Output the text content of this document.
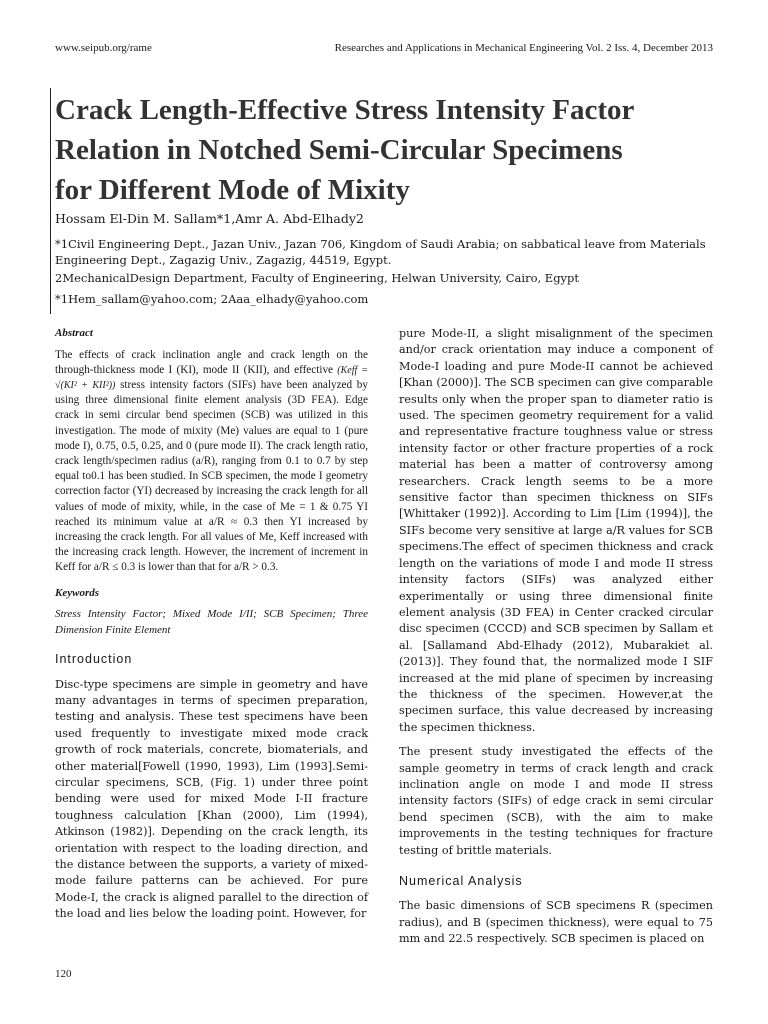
www.seipub.org/rame	Researches and Applications in Mechanical Engineering Vol. 2 Iss. 4, December 2013
Crack Length-Effective Stress Intensity Factor
Relation in Notched Semi-Circular Specimens
for Different Mode of Mixity
Hossam El-Din M. Sallam*1,Amr A. Abd-Elhady2
*1Civil Engineering Dept., Jazan Univ., Jazan 706, Kingdom of Saudi Arabia; on sabbatical leave from Materials Engineering Dept., Zagazig Univ., Zagazig, 44519, Egypt.
2MechanicalDesign Department, Faculty of Engineering, Helwan University, Cairo, Egypt
*1Hem_sallam@yahoo.com; 2Aaa_elhady@yahoo.com
Abstract

The effects of crack inclination angle and crack length on the through-thickness mode I (KI), mode II (KII), and effective (Keff = √(KI² + KII²)) stress intensity factors (SIFs) have been analyzed by using three dimensional finite element analysis (3D FEA). Edge crack in semi circular bend specimen (SCB) was utilized in this investigation. The mode of mixity (Me) values are equal to 1 (pure mode I), 0.75, 0.5, 0.25, and 0 (pure mode II). The crack length ratio, crack length/specimen radius (a/R), ranging from 0.1 to 0.7 by step equal to0.1 has been studied. In SCB specimen, the mode I geometry correction factor (YI) decreased by increasing the crack length for all values of mode of mixity, while, in the case of Me = 1 & 0.75 YI reached its minimum value at a/R ≈ 0.3 then YI increased by increasing the crack length. For all values of Me, Keff increased with the increasing crack length. However, the increment of increment in Keff for a/R ≤ 0.3 is lower than that for a/R > 0.3.

Keywords

Stress Intensity Factor; Mixed Mode I/II; SCB Specimen; Three Dimension Finite Element

Introduction

Disc-type specimens are simple in geometry and have many advantages in terms of specimen preparation, testing and analysis. These test specimens have been used frequently to investigate mixed mode crack growth of rock materials, concrete, biomaterials, and other material[Fowell (1990, 1993), Lim (1993].Semi-circular specimens, SCB, (Fig. 1) under three point bending were used for mixed Mode I-II fracture toughness calculation [Khan (2000), Lim (1994), Atkinson (1982)]. Depending on the crack length, its orientation with respect to the loading direction, and the distance between the supports, a variety of mixed-mode failure patterns can be achieved. For pure Mode-I, the crack is aligned parallel to the direction of the load and lies below the loading point. However, for

pure Mode-II, a slight misalignment of the specimen and/or crack orientation may induce a component of Mode-I loading and pure Mode-II cannot be achieved [Khan (2000)]. The SCB specimen can give comparable results only when the proper span to diameter ratio is used. The specimen geometry requirement for a valid and representative fracture toughness value or stress intensity factor or other fracture properties of a rock material has been a matter of controversy among researchers. Crack length seems to be a more sensitive factor than specimen thickness on SIFs [Whittaker (1992)]. According to Lim [Lim (1994)], the SIFs become very sensitive at large a/R values for SCB specimens.The effect of specimen thickness and crack length on the variations of mode I and mode II stress intensity factors (SIFs) was analyzed either experimentally or using three dimensional finite element analysis (3D FEA) in Center cracked circular disc specimen (CCCD) and SCB specimen by Sallam et al. [Sallamand Abd-Elhady (2012), Mubarakiet al. (2013)]. They found that, the normalized mode I SIF increased at the mid plane of specimen by increasing the thickness of the specimen. However,at the specimen surface, this value decreased by increasing the specimen thickness.

The present study investigated the effects of the sample geometry in terms of crack length and crack inclination angle on mode I and mode II stress intensity factors (SIFs) of edge crack in semi circular bend specimen (SCB), with the aim to make improvements in the testing techniques for fracture testing of brittle materials.

Numerical Analysis

The basic dimensions of SCB specimens R (specimen radius), and B (specimen thickness), were equal to 75 mm and 22.5 respectively. SCB specimen is placed on

120
